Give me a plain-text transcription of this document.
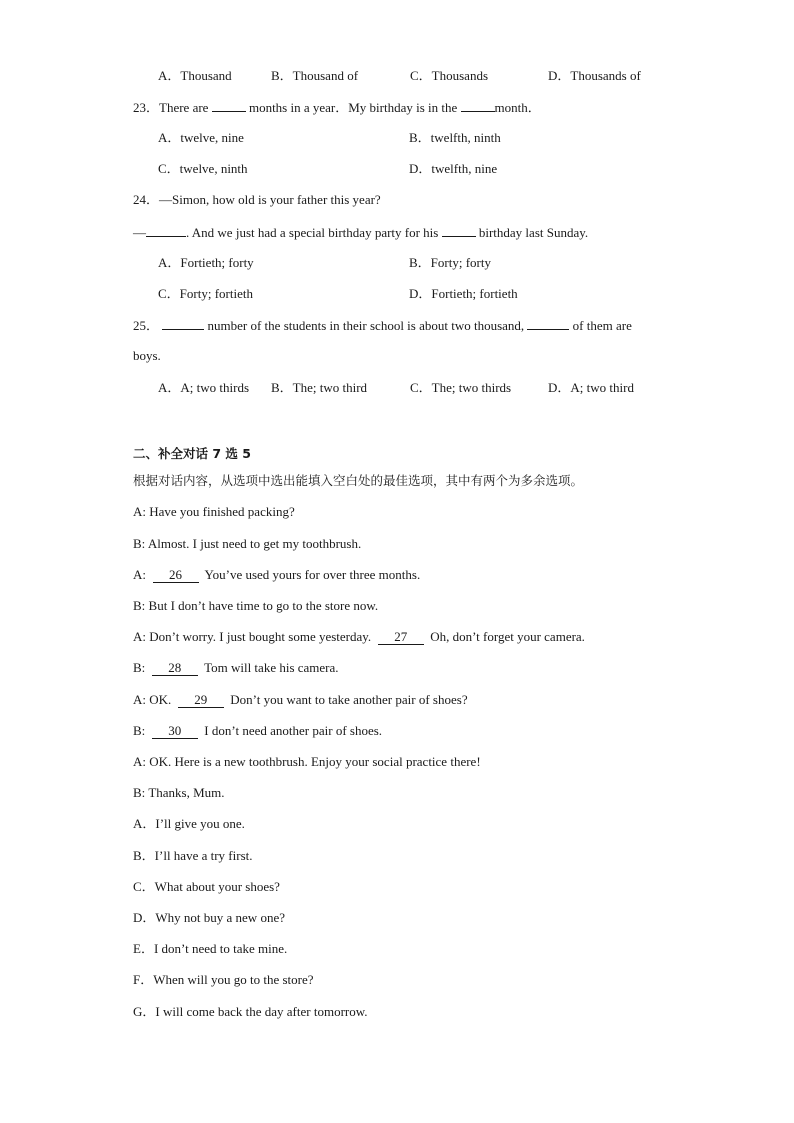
A．Thousand	B．Thousand of	C．Thousands	D．Thousands of
23．There are	months in a year．My birthday is in the	month．
A．twelve, nine	B．twelfth, ninth
C．twelve, ninth	D．twelfth, nine
24．—Simon, how old is your father this year?
—	. And we just had a special birthday party for his	birthday last Sunday.
A．Fortieth; forty	B．Forty; forty
C．Forty; fortieth	D．Fortieth; fortieth
25．	number of the students in their school is about two thousand,	of them are
boys.
A．A; two thirds B．The; two third	C．The; two thirds	D．A; two third
二、补全对话 7 选 5
根据对话内容，从选项中选出能填入空白处的最佳选项，其中有两个为多余选项。
A: Have you finished packing?
B: Almost. I just need to get my toothbrush.
A: 26 You’ve used yours for over three months.
B: But I don’t have time to go to the store now.
A: Don’t worry. I just bought some yesterday. 27 Oh, don’t forget your camera.
B: 28 Tom will take his camera.
A: OK. 29 Don’t you want to take another pair of shoes?
B: 30 I don’t need another pair of shoes.
A: OK. Here is a new toothbrush. Enjoy your social practice there!
B: Thanks, Mum.
A．I’ll give you one.
B．I’ll have a try first.
C．What about your shoes?
D．Why not buy a new one?
E．I don’t need to take mine.
F．When will you go to the store?
G．I will come back the day after tomorrow.
